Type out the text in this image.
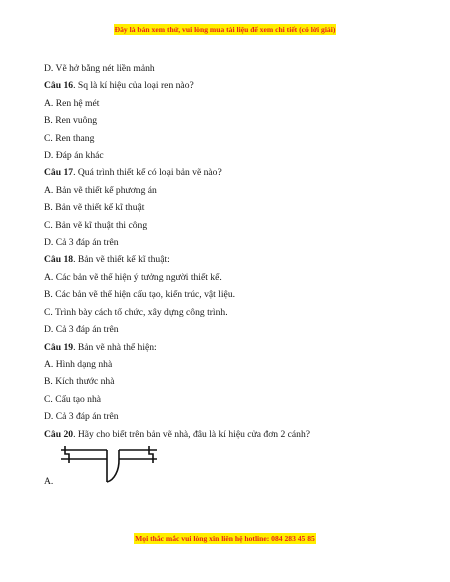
Đây là bản xem thử, vui lòng mua tài liệu để xem chi tiết (có lời giải)
D. Vẽ hở bằng nét liền mảnh
Câu 16. Sq là kí hiệu của loại ren nào?
A. Ren hệ mét
B. Ren vuông
C. Ren thang
D. Đáp án khác
Câu 17. Quá trình thiết kế có loại bản vẽ nào?
A. Bản vẽ thiết kế phương án
B. Bản vẽ thiết kế kĩ thuật
C. Bản vẽ kĩ thuật thi công
D. Cả 3 đáp án trên
Câu 18. Bản vẽ thiết kế kĩ thuật:
A. Các bản vẽ thể hiện ý tưởng người thiết kế.
B. Các bản vẽ thể hiện cấu tạo, kiến trúc, vật liệu.
C. Trình bày cách tổ chức, xây dựng công trình.
D. Cả 3 đáp án trên
Câu 19. Bản vẽ nhà thể hiện:
A. Hình dạng nhà
B. Kích thước nhà
C. Cấu tạo nhà
D. Cả 3 đáp án trên
Câu 20. Hãy cho biết trên bản vẽ nhà, đâu là kí hiệu cửa đơn 2 cánh?
A.
Mọi thắc mắc vui lòng xin liên hệ hotline: 084 283 45 85
